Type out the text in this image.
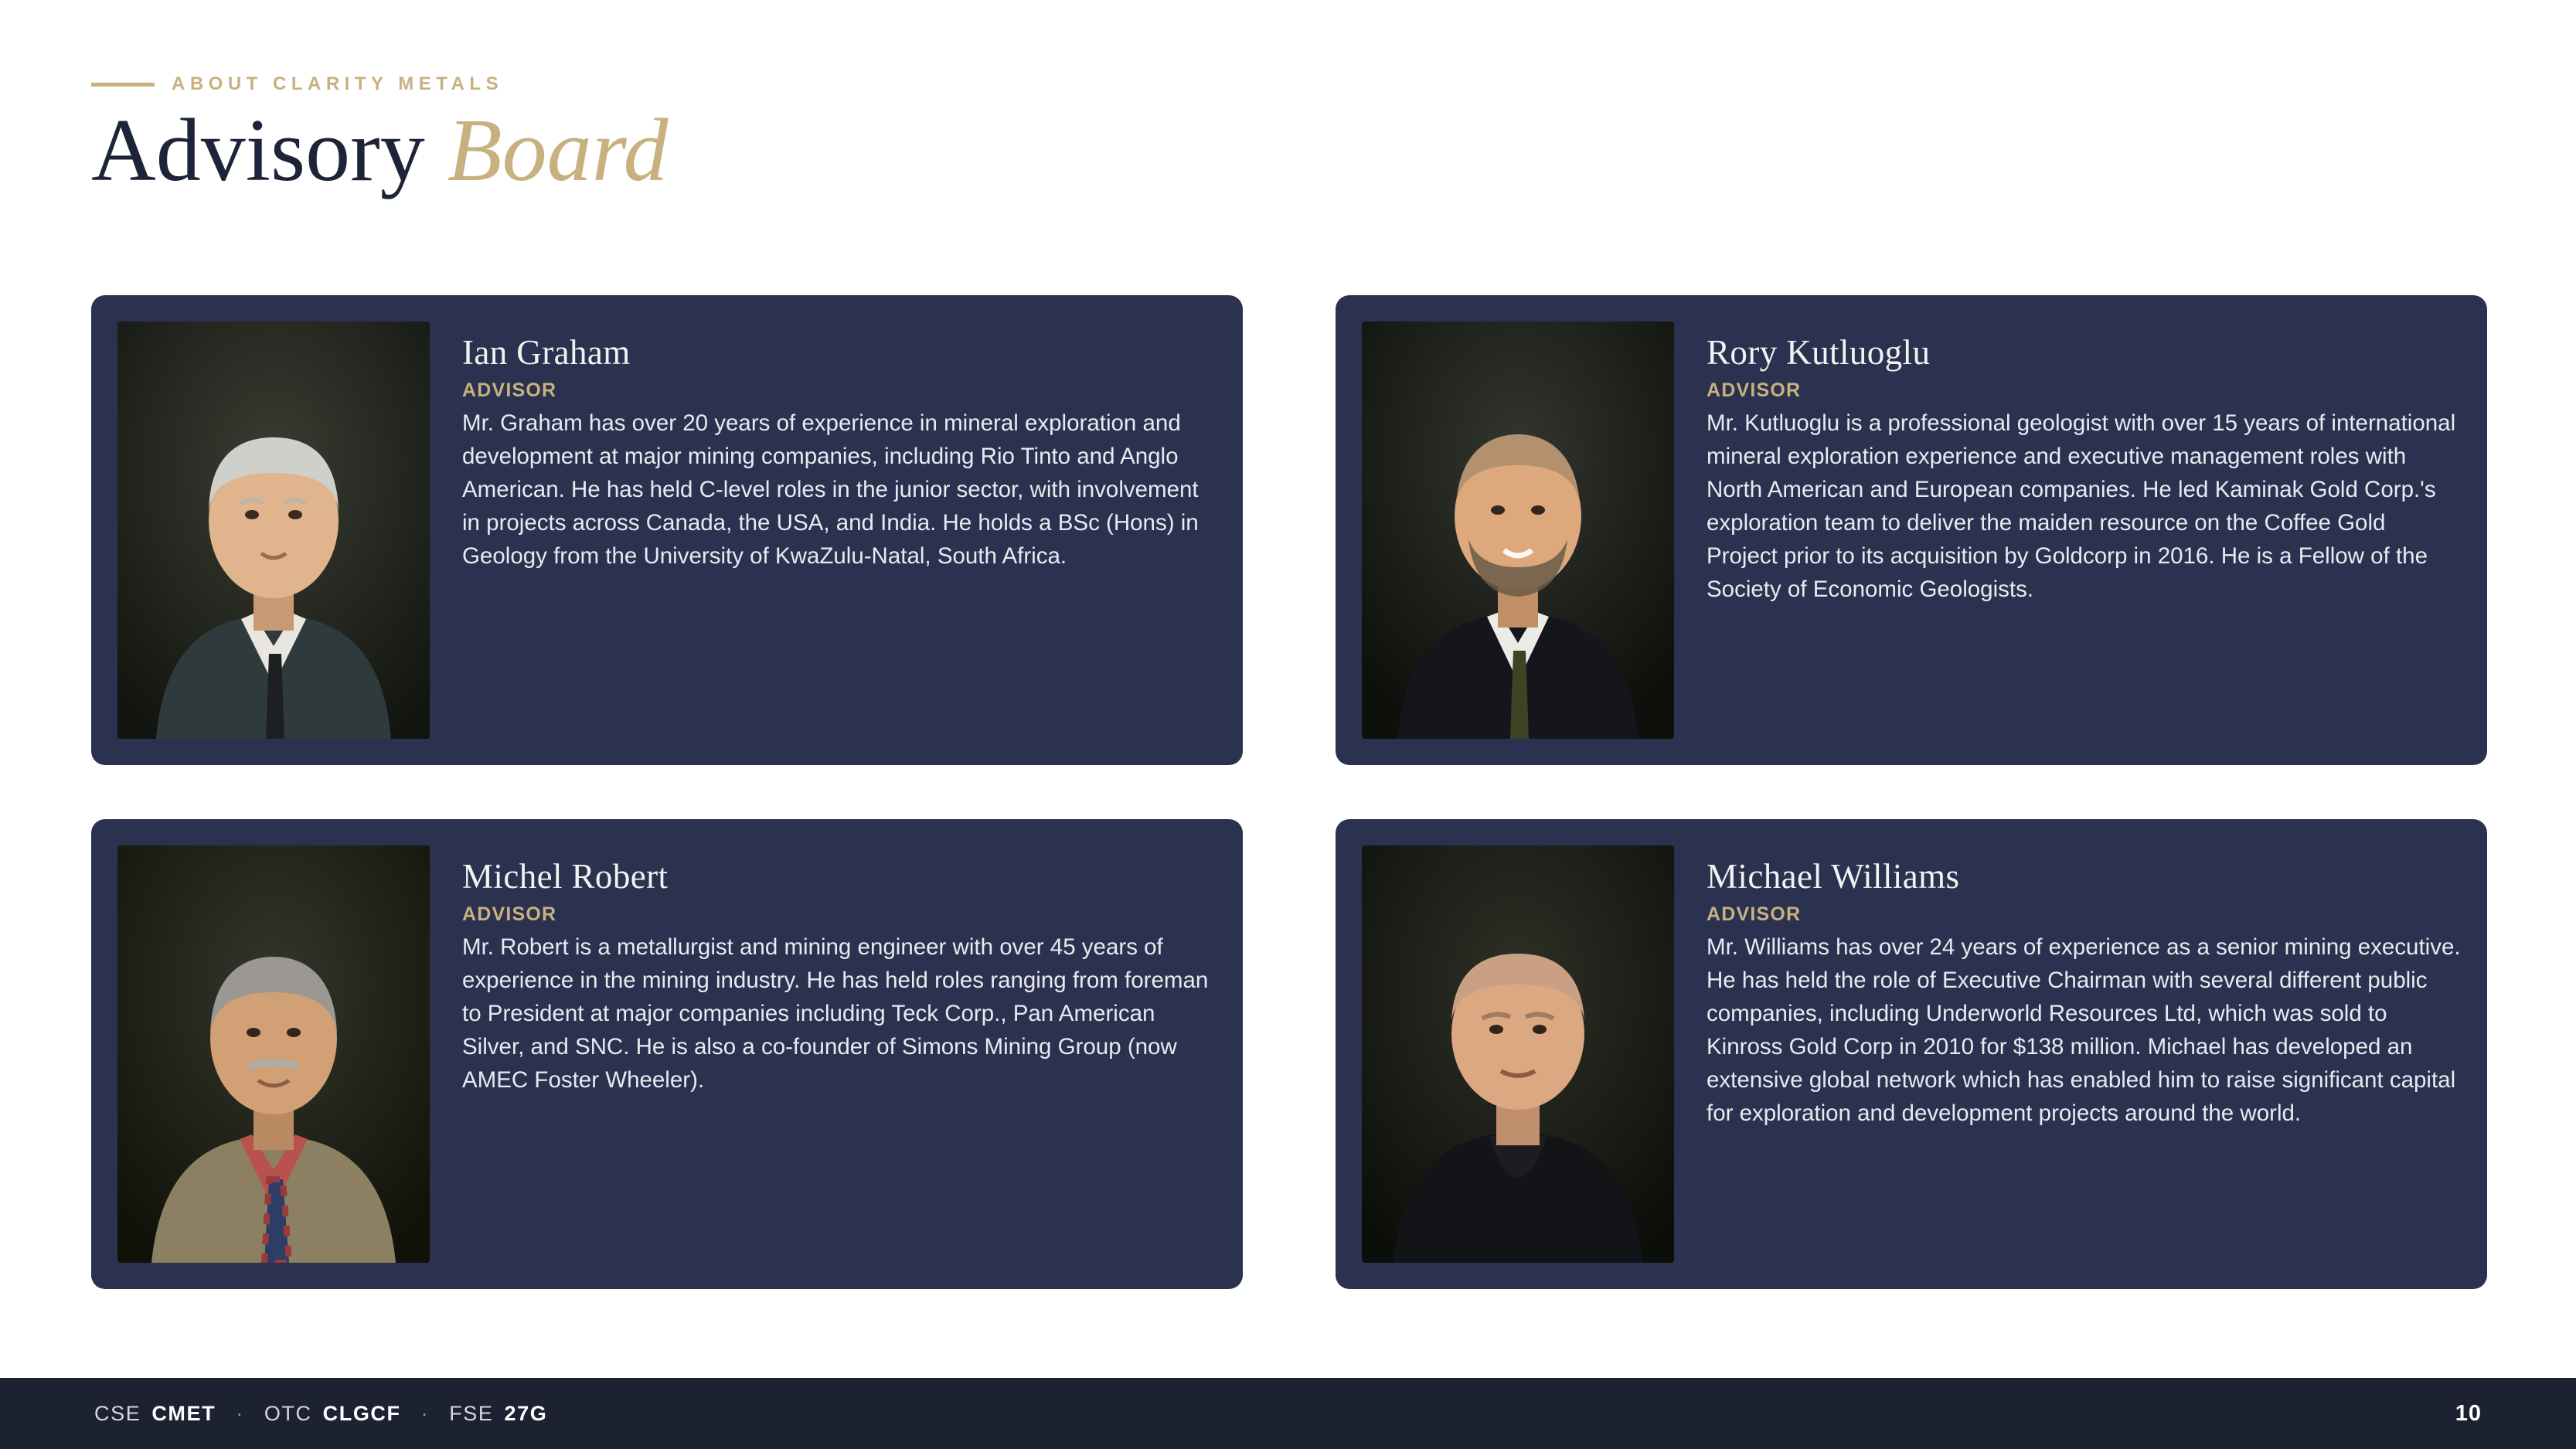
ABOUT CLARITY METALS
Advisory Board
Ian Graham
ADVISOR
Mr. Graham has over 20 years of experience in mineral exploration and development at major mining companies, including Rio Tinto and Anglo American. He has held C-level roles in the junior sector, with involvement in projects across Canada, the USA, and India. He holds a BSc (Hons) in Geology from the University of KwaZulu-Natal, South Africa.
Rory Kutluoglu
ADVISOR
Mr. Kutluoglu is a professional geologist with over 15 years of international mineral exploration experience and executive management roles with North American and European companies. He led Kaminak Gold Corp.'s exploration team to deliver the maiden resource on the Coffee Gold Project prior to its acquisition by Goldcorp in 2016. He is a Fellow of the Society of Economic Geologists.
Michel Robert
ADVISOR
Mr. Robert is a metallurgist and mining engineer with over 45 years of experience in the mining industry. He has held roles ranging from foreman to President at major companies including Teck Corp., Pan American Silver, and SNC. He is also a co-founder of Simons Mining Group (now AMEC Foster Wheeler).
Michael Williams
ADVISOR
Mr. Williams has over 24 years of experience as a senior mining executive. He has held the role of Executive Chairman with several different public companies, including Underworld Resources Ltd, which was sold to Kinross Gold Corp in 2010 for $138 million. Michael has developed an extensive global network which has enabled him to raise significant capital for exploration and development projects around the world.
CSE CMET · OTC CLGCF · FSE 27G	10
